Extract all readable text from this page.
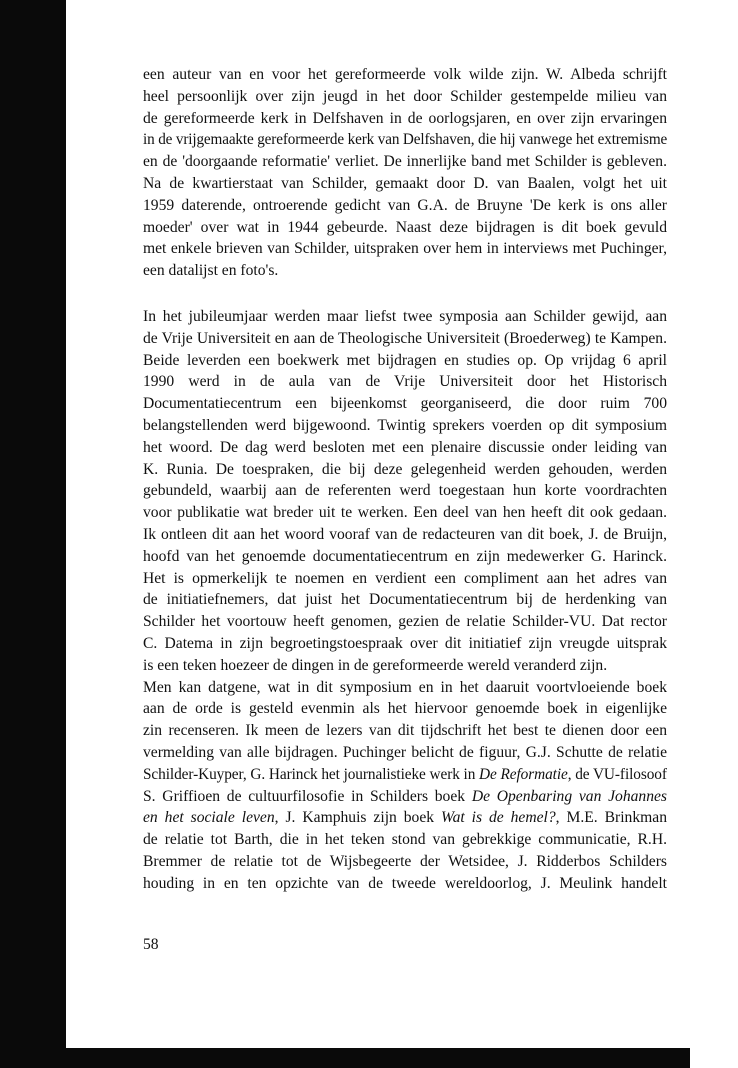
een auteur van en voor het gereformeerde volk wilde zijn. W. Albeda schrijft
heel persoonlijk over zijn jeugd in het door Schilder gestempelde milieu van
de gereformeerde kerk in Delfshaven in de oorlogsjaren, en over zijn ervaringen
in de vrijgemaakte gereformeerde kerk van Delfshaven, die hij vanwege het extremisme
en de 'doorgaande reformatie' verliet. De innerlijke band met Schilder is gebleven.
Na de kwartierstaat van Schilder, gemaakt door D. van Baalen, volgt het uit
1959 daterende, ontroerende gedicht van G.A. de Bruyne 'De kerk is ons aller
moeder' over wat in 1944 gebeurde. Naast deze bijdragen is dit boek gevuld
met enkele brieven van Schilder, uitspraken over hem in interviews met Puchinger,
een datalijst en foto's.
In het jubileumjaar werden maar liefst twee symposia aan Schilder gewijd, aan
de Vrije Universiteit en aan de Theologische Universiteit (Broederweg) te Kampen.
Beide leverden een boekwerk met bijdragen en studies op. Op vrijdag 6 april
1990 werd in de aula van de Vrije Universiteit door het Historisch
Documentatiecentrum een bijeenkomst georganiseerd, die door ruim 700
belangstellenden werd bijgewoond. Twintig sprekers voerden op dit symposium
het woord. De dag werd besloten met een plenaire discussie onder leiding van
K. Runia. De toespraken, die bij deze gelegenheid werden gehouden, werden
gebundeld, waarbij aan de referenten werd toegestaan hun korte voordrachten
voor publikatie wat breder uit te werken. Een deel van hen heeft dit ook gedaan.
Ik ontleen dit aan het woord vooraf van de redacteuren van dit boek, J. de Bruijn,
hoofd van het genoemde documentatiecentrum en zijn medewerker G. Harinck.
Het is opmerkelijk te noemen en verdient een compliment aan het adres van
de initiatiefnemers, dat juist het Documentatiecentrum bij de herdenking van
Schilder het voortouw heeft genomen, gezien de relatie Schilder-VU. Dat rector
C. Datema in zijn begroetingstoespraak over dit initiatief zijn vreugde uitsprak
is een teken hoezeer de dingen in de gereformeerde wereld veranderd zijn.
Men kan datgene, wat in dit symposium en in het daaruit voortvloeiende boek
aan de orde is gesteld evenmin als het hiervoor genoemde boek in eigenlijke
zin recenseren. Ik meen de lezers van dit tijdschrift het best te dienen door een
vermelding van alle bijdragen. Puchinger belicht de figuur, G.J. Schutte de relatie
Schilder-Kuyper, G. Harinck het journalistieke werk in De Reformatie, de VU-filosoof
S. Griffioen de cultuurfilosofie in Schilders boek De Openbaring van Johannes
en het sociale leven, J. Kamphuis zijn boek Wat is de hemel?, M.E. Brinkman
de relatie tot Barth, die in het teken stond van gebrekkige communicatie, R.H.
Bremmer de relatie tot de Wijsbegeerte der Wetsidee, J. Ridderbos Schilders
houding in en ten opzichte van de tweede wereldoorlog, J. Meulink handelt
58
